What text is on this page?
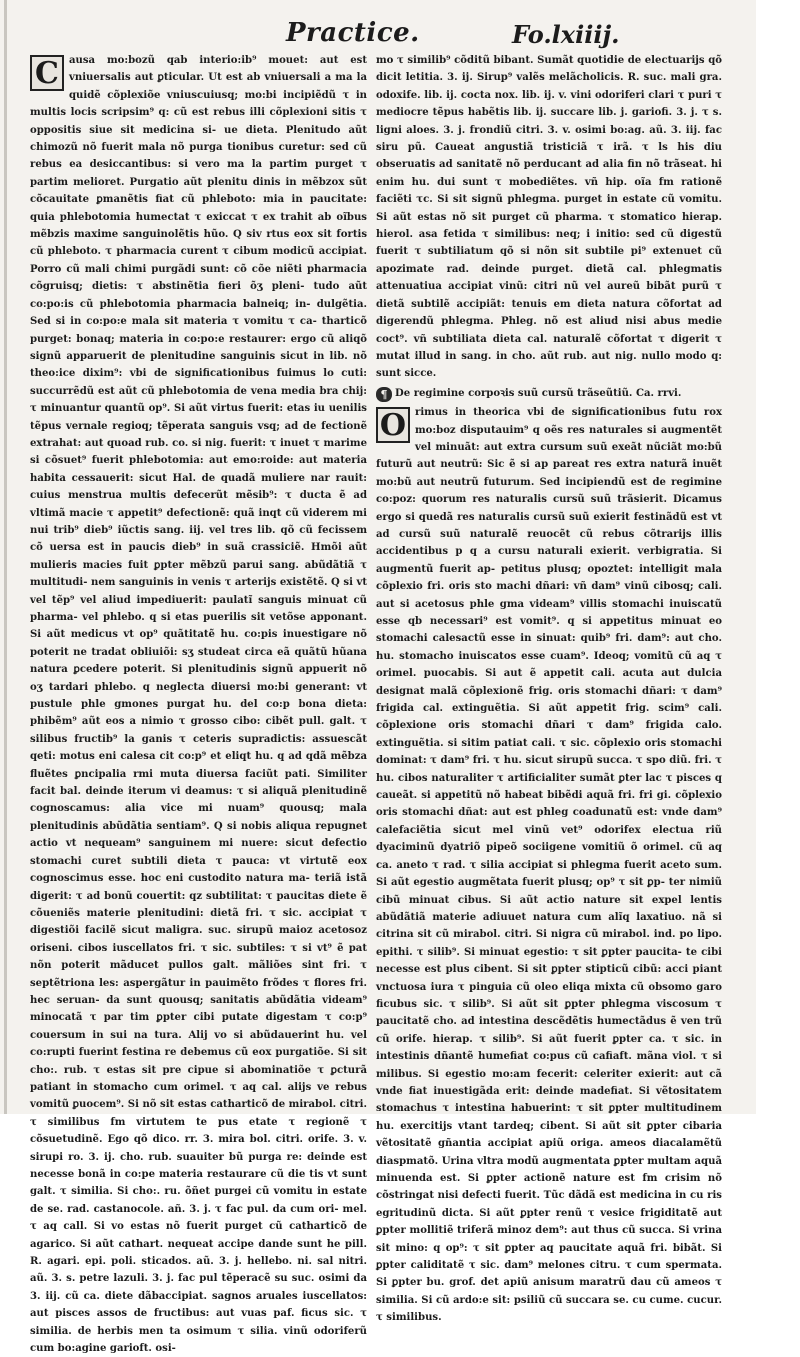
Practice.	Fo.lxiiij.
C ausa mo:bozũ qab interio:ib⁹ mouet: aut est vniuersalis aut ꝑticular. Ut est ab vniuersali a ma la quidẽ cõplexiõe vniuscuiusq; mo:bi incipiẽdũ τ in multis locis scripsim⁹ q: cũ est rebus illi cõplexioni sitis τ oppositis siue sit medicina si- ue dieta. Plenitudo aũt chimozũ nõ fuerit mala nõ purga tionibus curetur: sed cũ rebus ea desiccantibus: si vero ma la partim purget τ partim melioret. Purgatio aũt plenitu dinis in mẽbzox sũt cõcauitate ꝑmanẽtis fiat cũ phleboto: mia in paucitate: quia phlebotomia humectat τ exiccat τ ex trahit ab oĩbus mẽbzis maxime sanguinolẽtis hũo. Q siv rtus eox sit fortis cũ phleboto. τ pharmacia curent τ cibum modicũ accipiat. Porro cũ mali chimi purgãdi sunt: cõ cõe niẽti pharmacia cõgruisq; dietis: τ abstinẽtia fieri õʒ pleni- tudo aũt co:po:is cũ phlebotomia pharmacia balneiq; in- dulgẽtia. Sed si in co:po:e mala sit materia τ vomitu τ ca- tharticõ purget: bonaq; materia in co:po:e restaurer: ergo cũ aliqõ signũ apparuerit de plenitudine sanguinis sicut in lib. nõ theo:ice dixim⁹: vbi de significationibus fuimus lo cuti: succurrẽdũ est aũt cũ phlebotomia de vena media bra chij: τ minuantur quantũ op⁹. Si aũt virtus fuerit: etas iu uenilis tẽpus vernale regioq; tẽperata sanguis vsq; ad de fectionẽ extrahat: aut quoad rub. co. si nig. fuerit: τ inuet τ marime si cõsuet⁹ fuerit phlebotomia: aut emo:roide: aut materia habita cessauerit: sicut Hal. de quadã muliere nar rauit: cuius menstrua multis defecerũt mẽsib⁹: τ ducta ẽ ad vltimã macie τ appetit⁹ defectionẽ: quã inqt cũ viderem mi nui trib⁹ dieb⁹ iũctis sang. iij. vel tres lib. qõ cũ fecissem cõ uersa est in paucis dieb⁹ in suã crassiciẽ. Hmõi aũt mulieris macies fuit ꝑpter mẽbzũ parui sang. abũdãtiã τ multitudi- nem sanguinis in venis τ arterijs existẽtẽ. Q si vt vel tẽp⁹ vel aliud impediuerit: paulatĩ sanguis minuat cũ pharma- vel phlebo. q si etas puerilis sit vetõse apponant. Si aũt medicus vt op⁹ quãtitatẽ hu. co:pis inuestigare nõ poterit ne tradat obliuiõi: sʒ studeat circa eã quãtũ hũana natura ꝑcedere poterit. Si plenitudinis signũ appuerit nõ oʒ tardari phlebo. q neglecta diuersi mo:bi generant: vt pustule phle gmones purgat hu. del co:p bona dieta: phibẽm⁹ aũt eos a nimio τ grosso cibo: cibẽt pull. galt. τ silibus fructib⁹ la ganis τ ceteris supradictis: assuescãt qeti: motus eni calesa cit co:p⁹ et eliqt hu. q ad qdã mẽbza fluẽtes ꝑncipalia rmi muta diuersa faciũt pati. Similiter facit bal. deinde iterum vi deamus: τ si aliquã plenitudinẽ cognoscamus: alia vice mi nuam⁹ quousq; mala plenitudinis abũdãtia sentiam⁹. Q si nobis aliqua repugnet actio vt nequeam⁹ sanguinem mi nuere: sicut defectio stomachi curet subtili dieta τ pauca: vt virtutẽ eox cognoscimus esse. hoc eni custodito natura ma- teriã istã digerit: τ ad bonũ couertit: qz subtilitat: τ paucitas diete ẽ cõueniẽs materie plenitudini: dietã fri. τ sic. accipiat τ digestiõi facilẽ sicut maligra. suc. sirupũ maioz acetosoz oriseni. cibos iuscellatos fri. τ sic. subtiles: τ si vt⁹ ẽ pat nõn poterit mãducet pullos galt. mãliões sint fri. τ septẽtriona les: aspergãtur in pauimẽto frõdes τ flores fri. hec seruan- da sunt quousq; sanitatis abũdãtia videam⁹ minocatã τ par tim ꝑpter cibi putate digestam τ co:p⁹ couersum in sui na tura. Alij vo si abũdauerint hu. vel co:rupti fuerint festina re debemus cũ eox purgatiõe. Si sit cho:. rub. τ estas sit pre cipue si abominatiõe τ ꝑcturã patiant in stomacho cum orimel. τ aq cal. alijs ve rebus vomitũ ꝑuocem⁹. Si nõ sit estas catharticõ de mirabol. citri. τ similibus fm virtutem te pus etate τ regionẽ τ cõsuetudinẽ. Ego qõ dico. rr. 3. mira bol. citri. orife. 3. v. sirupi ro. 3. ij. cho. rub. suauiter bũ purga re: deinde est necesse bonã in co:pe materia restaurare cũ die tis vt sunt galt. τ similia. Si cho:. ru. õñet purgei cũ vomitu in estate de se. rad. castanocole. añ. 3. j. τ fac pul. da cum ori- mel. τ aq call. Si vo estas nõ fuerit purget cũ catharticõ de agarico. Si aũt cathart. nequeat accipe dande sunt he pill. R. agari. epi. poli. sticados. aũ. 3. j. hellebo. ni. sal nitri. aũ. 3. s. petre lazuli. 3. j. fac pul tẽperacẽ su suc. osimi da 3. iij. cũ ca. diete dãbaccipiat. sagnos aruales iuscellatos: aut pisces assos de fructibus: aut vuas paf. ficus sic. τ similia. de herbis men ta osimum τ silia. vinũ odoriferũ cum bo:agine garioft. osi-

mo τ similib⁹ cõditũ bibant. Sumãt quotidie de electuarijs qõ dicit letitia. 3. ij. Sirup⁹ valẽs melãcholicis. R. suc. mali gra. odoxife. lib. ij. cocta nox. lib. ij. v. vini odoriferi clari τ puri τ mediocre tẽpus habẽtis lib. ij. succare lib. j. gariofi. 3. j. τ s. ligni aloes. 3. j. frondiũ citri. 3. v. osimi bo:ag. aũ. 3. iij. fac siru pũ. Caueat angustiã tristiciã τ irã. τ ls his diu obseruatis ad sanitatẽ nõ perducant ad alia fin nõ trãseat. hi enim hu. dui sunt τ mobediẽtes. vñ hip. oĩa fm rationẽ faciẽti τc. Si sit signũ phlegma. purget in estate cũ vomitu. Si aũt estas nõ sit purget cũ pharma. τ stomatico hierap. hierol. asa fetida τ similibus: neq; i initio: sed cũ digestũ fuerit τ subtiliatum qõ si nõn sit subtile pi⁹ extenuet cũ apozimate rad. deinde purget. dietã cal. phlegmatis attenuatiua accipiat vinũ: citri nũ vel aureũ bibãt purũ τ dietã subtilẽ accipiãt: tenuis em dieta natura cõfortat ad digerendũ phlegma. Phleg. nõ est aliud nisi abus medie coct⁹. vñ subtiliata dieta cal. naturalẽ cõfortat τ digerit τ mutat illud in sang. in cho. aũt rub. aut nig. nullo modo q: sunt sicce.

¶ De regimine corpoꝛis suũ cursũ trãseũtiũ. Ca. rrvi.
O rimus in theorica vbi de significationibus futu rox mo:boz disputauim⁹ q oẽs res naturales si augmentẽt vel minuãt: aut extra cursum suũ exeãt nũciãt mo:bũ futurũ aut neutrũ: Sic ẽ si ap pareat res extra naturã inuẽt mo:bũ aut neutrũ futurum. Sed incipiendũ est de regimine co:poz: quorum res naturalis cursũ suũ trãsierit. Dicamus ergo si quedã res naturalis cursũ suũ exierit festinãdũ est vt ad cursũ suũ naturalẽ reuocẽt cũ rebus cõtrarijs illis accidentibus p q a cursu naturali exierit. verbigratia. Si augmentũ fuerit ap- petitus plusq; opoztet: intelligit mala cõplexio fri. oris sto machi dñari: vñ dam⁹ vinũ cibosq; cali. aut si acetosus phle gma videam⁹ villis stomachi inuiscatũ esse qb necessari⁹ est vomit⁹. q si appetitus minuat eo stomachi calesactũ esse in sinuat: quib⁹ fri. dam⁹: aut cho. hu. stomacho inuiscatos esse cuam⁹. Ideoq; vomitũ cũ aq τ orimel. puocabis. Si aut ẽ appetit cali. acuta aut dulcia designat malã cõplexionẽ frig. oris stomachi dñari: τ dam⁹ frigida cal. extinguẽtia. Si aũt appetit frig. scim⁹ cali. cõplexione oris stomachi dñari τ dam⁹ frigida calo. extinguẽtia. si sitim patiat cali. τ sic. cõplexio oris stomachi dominat: τ dam⁹ fri. τ hu. sicut sirupũ succa. τ spo diũ. fri. τ hu. cibos naturaliter τ artificialiter sumãt ꝑter lac τ pisces q caueãt. si appetitũ nõ habeat bibẽdi aquã fri. fri gi. cõplexio oris stomachi dñat: aut est phleg coadunatũ est: vnde dam⁹ calefaciẽtia sicut mel vinũ vet⁹ odorifex electua riũ dyaciminũ dyatriõ pipeõ sociigene vomitiũ õ orimel. cũ aq ca. aneto τ rad. τ silia accipiat si phlegma fuerit aceto sum. Si aũt egestio augmẽtata fuerit plusq; op⁹ τ sit ꝑp- ter nimiũ cibũ minuat cibus. Si aũt actio nature sit expel lentis abũdãtiã materie adiuuet natura cum alĩq laxatiuo. nã si citrina sit cũ mirabol. citri. Si nigra cũ mirabol. ind. po lipo. epithi. τ silib⁹. Si minuat egestio: τ sit ꝑpter paucita- te cibi necesse est plus cibent. Si sit ꝑpter stipticũ cibũ: acci piant vnctuosa iura τ pinguia cũ oleo eliqa mixta cũ obsomo garo ficubus sic. τ silib⁹. Si aũt sit ꝑpter phlegma viscosum τ paucitatẽ cho. ad intestina descẽdẽtis humectãdus ẽ ven trũ cũ orife. hierap. τ silib⁹. Si aũt fuerit ꝑpter ca. τ sic. in intestinis dñantẽ humefiat co:pus cũ cafiaft. mãna viol. τ si milibus. Si egestio mo:am fecerit: celeriter exierit: aut cã vnde fiat inuestigãda erit: deinde madefiat. Si vẽtositatem stomachus τ intestina habuerint: τ sit ꝑpter multitudinem hu. exercitijs vtant tardeq; cibent. Si aũt sit ꝑpter cibaria vẽtositatẽ gñantia accipiat apiũ origa. ameos diacalamẽtũ diaspmatõ. Urina vltra modũ augmentata ꝑpter multam aquã minuenda est. Si ꝑpter actionẽ nature est fm crisim nõ cõstringat nisi defecti fuerit. Tũc dãdã est medicina in cu ris egritudinũ dicta. Si aũt ꝑpter renũ τ vesice frigiditatẽ aut ꝑpter mollitiẽ triferã minoz dem⁹: aut thus cũ succa. Si vrina sit mino: q op⁹: τ sit ꝑpter aq paucitate aquã fri. bibãt. Si ꝑpter caliditatẽ τ sic. dam⁹ melones citru. τ cum spermata. Si ꝑpter bu. grof. det apiũ anisum maratrũ dau cũ ameos τ similia. Si cũ ardo:e sit: psiliũ cũ succara se. cu cume. cucur. τ similibus.
